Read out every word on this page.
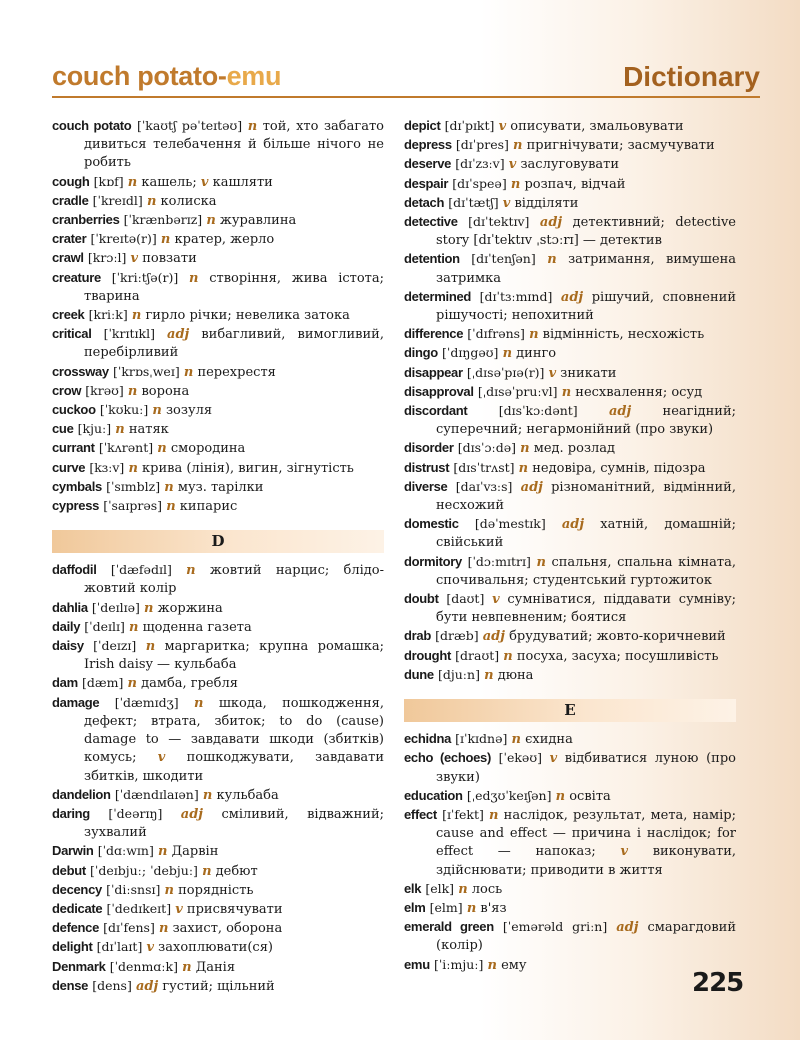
couch potato-emu	Dictionary
couch potato [ˈkaʊtʃ pəˈteɪtəʊ] n той, хто забагато дивиться телебачення й більше нічого не робить
cough [kɒf] n кашель; v кашляти
cradle [ˈkreɪdl] n колиска
cranberries [ˈkrænbərɪz] n журавлина
crater [ˈkreɪtə(r)] n кратер, жерло
crawl [krɔːl] v повзати
creature [ˈkriːtʃə(r)] n створіння, жива істота; тварина
creek [kriːk] n гирло річки; невелика затока
critical [ˈkrɪtɪkl] adj вибагливий, вимогливий, перебірливий
crossway [ˈkrɒsˌweɪ] n перехрестя
crow [krəʊ] n ворона
cuckoo [ˈkʊkuː] n зозуля
cue [kjuː] n натяк
currant [ˈkʌrənt] n смородина
curve [kɜːv] n крива (лінія), вигин, зігнутість
cymbals [ˈsɪmblz] n муз. тарілки
cypress [ˈsaɪprəs] n кипарис
D
daffodil [ˈdæfədɪl] n жовтий нарцис; блідо-жовтий колір
dahlia [ˈdeɪlɪə] n жоржина
daily [ˈdeɪlɪ] n щоденна газета
daisy [ˈdeɪzɪ] n маргаритка; крупна ромашка; Irish daisy — кульбаба
dam [dæm] n дамба, гребля
damage [ˈdæmɪdʒ] n шкода, пошкодження, дефект; втрата, збиток; to do (cause) damage to — завдавати шкоди (збитків) комусь; v пошкоджувати, завдавати збитків, шкодити
dandelion [ˈdændɪlaɪən] n кульбаба
daring [ˈdeərɪŋ] adj сміливий, відважний; зухвалий
Darwin [ˈdɑːwɪn] n Дарвін
debut [ˈdeɪbjuː; ˈdebjuː] n дебют
decency [ˈdiːsnsɪ] n порядність
dedicate [ˈdedɪkeɪt] v присвячувати
defence [dɪˈfens] n захист, оборона
delight [dɪˈlaɪt] v захоплювати(ся)
Denmark [ˈdenmɑːk] n Данія
dense [dens] adj густий; щільний
depict [dɪˈpɪkt] v описувати, змальовувати
depress [dɪˈpres] n пригнічувати; засмучувати
deserve [dɪˈzɜːv] v заслуговувати
despair [dɪˈspeə] n розпач, відчай
detach [dɪˈtætʃ] v відділяти
detective [dɪˈtektɪv] adj детективний; detective story [dɪˈtektɪv ˌstɔːrɪ] — детектив
detention [dɪˈtenʃən] n затримання, вимушена затримка
determined [dɪˈtɜːmɪnd] adj рішучий, сповнений рішучості; непохитний
difference [ˈdɪfrəns] n відмінність, несхожість
dingo [ˈdɪŋgəʊ] n динго
disappear [ˌdɪsəˈpɪə(r)] v зникати
disapproval [ˌdɪsəˈpruːvl] n несхвалення; осуд
discordant	[dɪsˈkɔːdənt] adj неагідний; суперечний; негармонійний (про звуки)
disorder [dɪsˈɔːdə] n мед. розлад
distrust [dɪsˈtrʌst] n недовіра, сумнів, підозра
diverse [daɪˈvɜːs] adj різноманітний, відмінний, несхожий
domestic [dəˈmestɪk] adj хатній, домашній; свійський
dormitory [ˈdɔːmɪtrɪ] n спальня, спальна кімната, спочивальня; студентський гуртожиток
doubt [daʊt] v сумніватися, піддавати сумніву; бути невпевненим; боятися
drab [dræb] adj брудуватий; жовто-коричневий
drought [draʊt] n посуха, засуха; посушливість
dune [djuːn] n дюна
E
echidna [ɪˈkɪdnə] n єхидна
echo (echoes) [ˈekəʊ] v відбиватися луною (про звуки)
education [ˌedʒʊˈkeɪʃən] n освіта
effect [ɪˈfekt] n наслідок, результат, мета, намір; cause and effect — причина і наслідок; for effect — напоказ; v виконувати, здійснювати; приводити в життя
elk [elk] n лось
elm [elm] n в'яз
emerald green [ˈemərəld griːn] adj смарагдовий (колір)
emu [ˈiːmjuː] n ему
225
